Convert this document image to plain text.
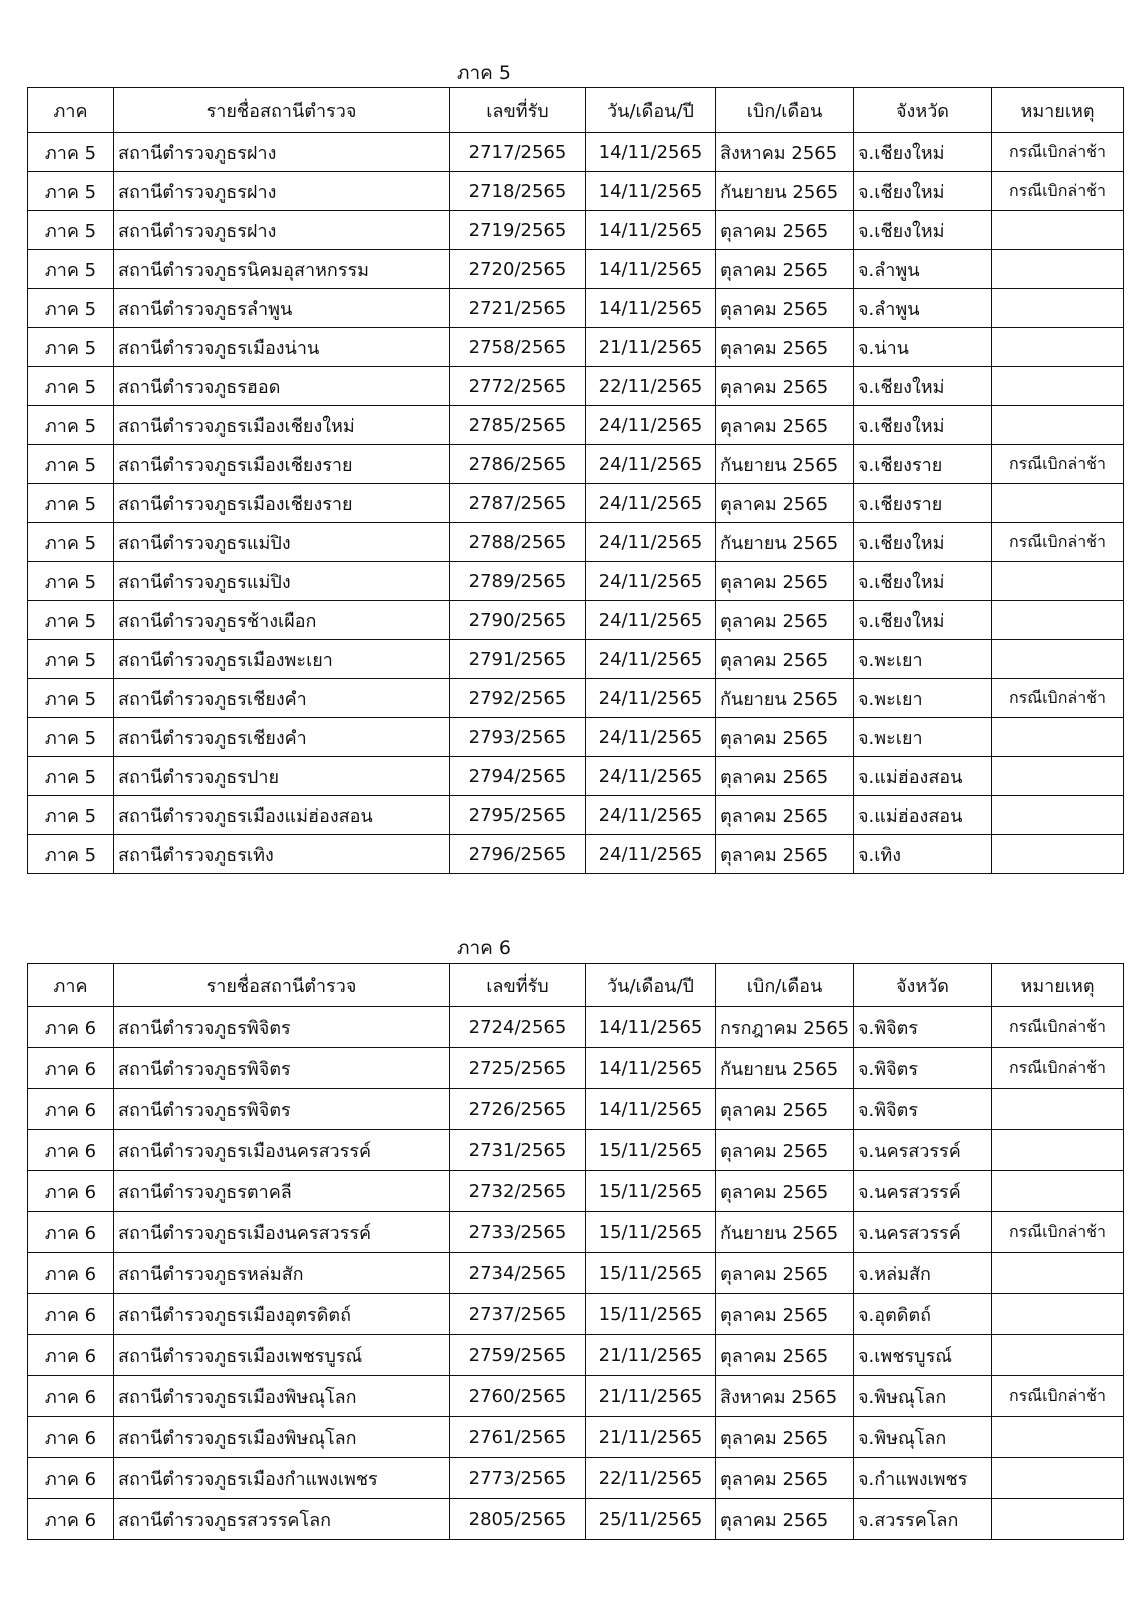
ภาค 5
ภาค	รายชื่อสถานีตำรวจ	เลขที่รับ	วัน/เดือน/ปี	เบิก/เดือน	จังหวัด	หมายเหตุ
ภาค 5	สถานีตำรวจภูธรฝาง	2717/2565	14/11/2565	สิงหาคม 2565	จ.เชียงใหม่	กรณีเบิกล่าช้า
ภาค 5	สถานีตำรวจภูธรฝาง	2718/2565	14/11/2565	กันยายน 2565	จ.เชียงใหม่	กรณีเบิกล่าช้า
ภาค 5	สถานีตำรวจภูธรฝาง	2719/2565	14/11/2565	ตุลาคม 2565	จ.เชียงใหม่	
ภาค 5	สถานีตำรวจภูธรนิคมอุสาหกรรม	2720/2565	14/11/2565	ตุลาคม 2565	จ.ลำพูน	
ภาค 5	สถานีตำรวจภูธรลำพูน	2721/2565	14/11/2565	ตุลาคม 2565	จ.ลำพูน	
ภาค 5	สถานีตำรวจภูธรเมืองน่าน	2758/2565	21/11/2565	ตุลาคม 2565	จ.น่าน	
ภาค 5	สถานีตำรวจภูธรฮอด	2772/2565	22/11/2565	ตุลาคม 2565	จ.เชียงใหม่	
ภาค 5	สถานีตำรวจภูธรเมืองเชียงใหม่	2785/2565	24/11/2565	ตุลาคม 2565	จ.เชียงใหม่	
ภาค 5	สถานีตำรวจภูธรเมืองเชียงราย	2786/2565	24/11/2565	กันยายน 2565	จ.เชียงราย	กรณีเบิกล่าช้า
ภาค 5	สถานีตำรวจภูธรเมืองเชียงราย	2787/2565	24/11/2565	ตุลาคม 2565	จ.เชียงราย	
ภาค 5	สถานีตำรวจภูธรแม่ปิง	2788/2565	24/11/2565	กันยายน 2565	จ.เชียงใหม่	กรณีเบิกล่าช้า
ภาค 5	สถานีตำรวจภูธรแม่ปิง	2789/2565	24/11/2565	ตุลาคม 2565	จ.เชียงใหม่	
ภาค 5	สถานีตำรวจภูธรช้างเผือก	2790/2565	24/11/2565	ตุลาคม 2565	จ.เชียงใหม่	
ภาค 5	สถานีตำรวจภูธรเมืองพะเยา	2791/2565	24/11/2565	ตุลาคม 2565	จ.พะเยา	
ภาค 5	สถานีตำรวจภูธรเชียงคำ	2792/2565	24/11/2565	กันยายน 2565	จ.พะเยา	กรณีเบิกล่าช้า
ภาค 5	สถานีตำรวจภูธรเชียงคำ	2793/2565	24/11/2565	ตุลาคม 2565	จ.พะเยา	
ภาค 5	สถานีตำรวจภูธรปาย	2794/2565	24/11/2565	ตุลาคม 2565	จ.แม่ฮ่องสอน	
ภาค 5	สถานีตำรวจภูธรเมืองแม่ฮ่องสอน	2795/2565	24/11/2565	ตุลาคม 2565	จ.แม่ฮ่องสอน	
ภาค 5	สถานีตำรวจภูธรเทิง	2796/2565	24/11/2565	ตุลาคม 2565	จ.เทิง	
ภาค 6
ภาค	รายชื่อสถานีตำรวจ	เลขที่รับ	วัน/เดือน/ปี	เบิก/เดือน	จังหวัด	หมายเหตุ
ภาค 6	สถานีตำรวจภูธรพิจิตร	2724/2565	14/11/2565	กรกฎาคม 2565	จ.พิจิตร	กรณีเบิกล่าช้า
ภาค 6	สถานีตำรวจภูธรพิจิตร	2725/2565	14/11/2565	กันยายน 2565	จ.พิจิตร	กรณีเบิกล่าช้า
ภาค 6	สถานีตำรวจภูธรพิจิตร	2726/2565	14/11/2565	ตุลาคม 2565	จ.พิจิตร	
ภาค 6	สถานีตำรวจภูธรเมืองนครสวรรค์	2731/2565	15/11/2565	ตุลาคม 2565	จ.นครสวรรค์	
ภาค 6	สถานีตำรวจภูธรตาคลี	2732/2565	15/11/2565	ตุลาคม 2565	จ.นครสวรรค์	
ภาค 6	สถานีตำรวจภูธรเมืองนครสวรรค์	2733/2565	15/11/2565	กันยายน 2565	จ.นครสวรรค์	กรณีเบิกล่าช้า
ภาค 6	สถานีตำรวจภูธรหล่มสัก	2734/2565	15/11/2565	ตุลาคม 2565	จ.หล่มสัก	
ภาค 6	สถานีตำรวจภูธรเมืองอุตรดิตถ์	2737/2565	15/11/2565	ตุลาคม 2565	จ.อุตดิตถ์	
ภาค 6	สถานีตำรวจภูธรเมืองเพชรบูรณ์	2759/2565	21/11/2565	ตุลาคม 2565	จ.เพชรบูรณ์	
ภาค 6	สถานีตำรวจภูธรเมืองพิษณุโลก	2760/2565	21/11/2565	สิงหาคม 2565	จ.พิษณุโลก	กรณีเบิกล่าช้า
ภาค 6	สถานีตำรวจภูธรเมืองพิษณุโลก	2761/2565	21/11/2565	ตุลาคม 2565	จ.พิษณุโลก	
ภาค 6	สถานีตำรวจภูธรเมืองกำแพงเพชร	2773/2565	22/11/2565	ตุลาคม 2565	จ.กำแพงเพชร	
ภาค 6	สถานีตำรวจภูธรสวรรคโลก	2805/2565	25/11/2565	ตุลาคม 2565	จ.สวรรคโลก	
